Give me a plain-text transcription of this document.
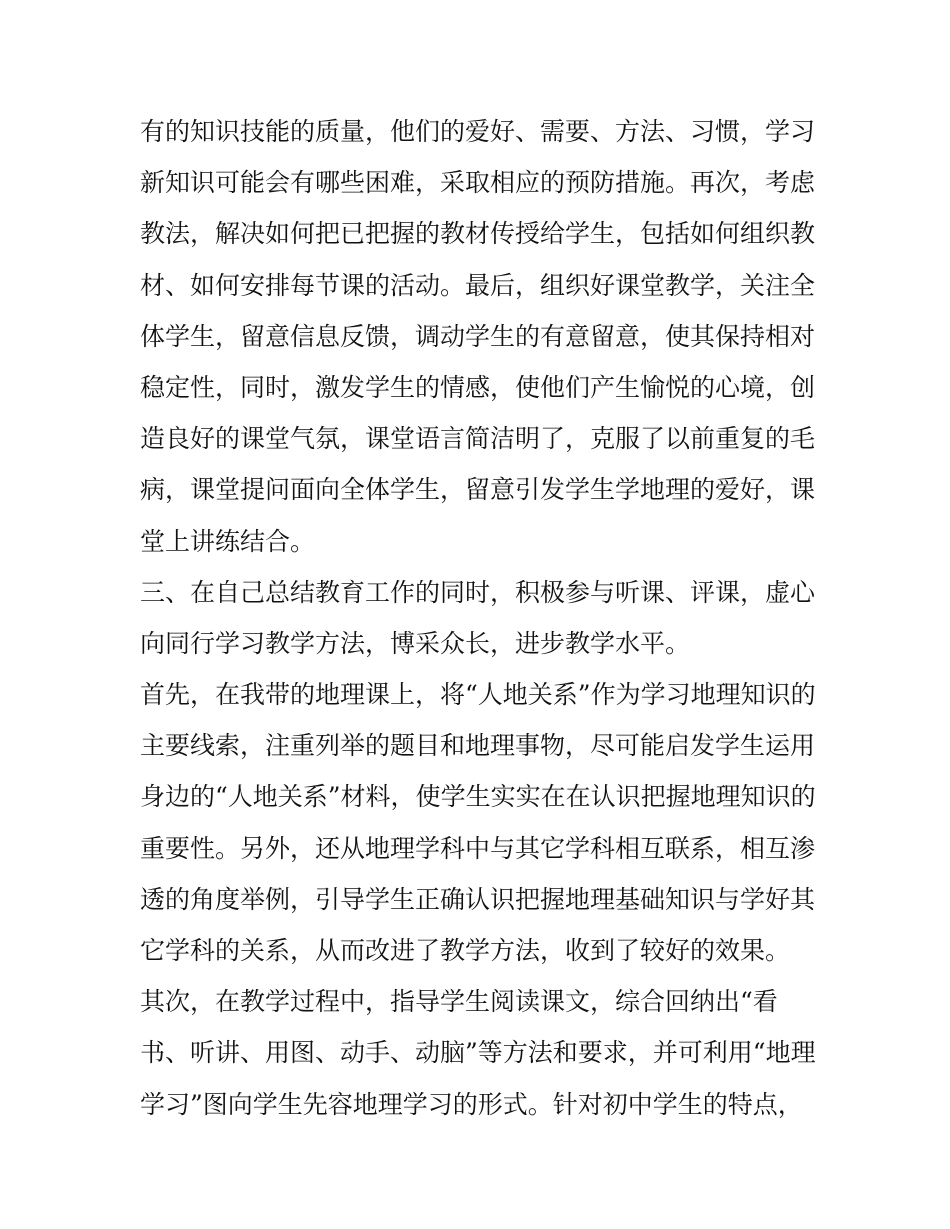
有的知识技能的质量，他们的爱好、需要、方法、习惯，学习
新知识可能会有哪些困难，采取相应的预防措施。再次，考虑
教法，解决如何把已把握的教材传授给学生，包括如何组织教
材、如何安排每节课的活动。最后，组织好课堂教学，关注全
体学生，留意信息反馈，调动学生的有意留意，使其保持相对
稳定性，同时，激发学生的情感，使他们产生愉悦的心境，创
造良好的课堂气氛，课堂语言简洁明了，克服了以前重复的毛
病，课堂提问面向全体学生，留意引发学生学地理的爱好，课
堂上讲练结合。
三、在自己总结教育工作的同时，积极参与听课、评课，虚心
向同行学习教学方法，博采众长，进步教学水平。
首先，在我带的地理课上，将“人地关系”作为学习地理知识的
主要线索，注重列举的题目和地理事物，尽可能启发学生运用
身边的“人地关系”材料，使学生实实在在认识把握地理知识的
重要性。另外，还从地理学科中与其它学科相互联系，相互渗
透的角度举例，引导学生正确认识把握地理基础知识与学好其
它学科的关系，从而改进了教学方法，收到了较好的效果。
其次，在教学过程中，指导学生阅读课文，综合回纳出“看
书、听讲、用图、动手、动脑”等方法和要求，并可利用“地理
学习”图向学生先容地理学习的形式。针对初中学生的特点，
